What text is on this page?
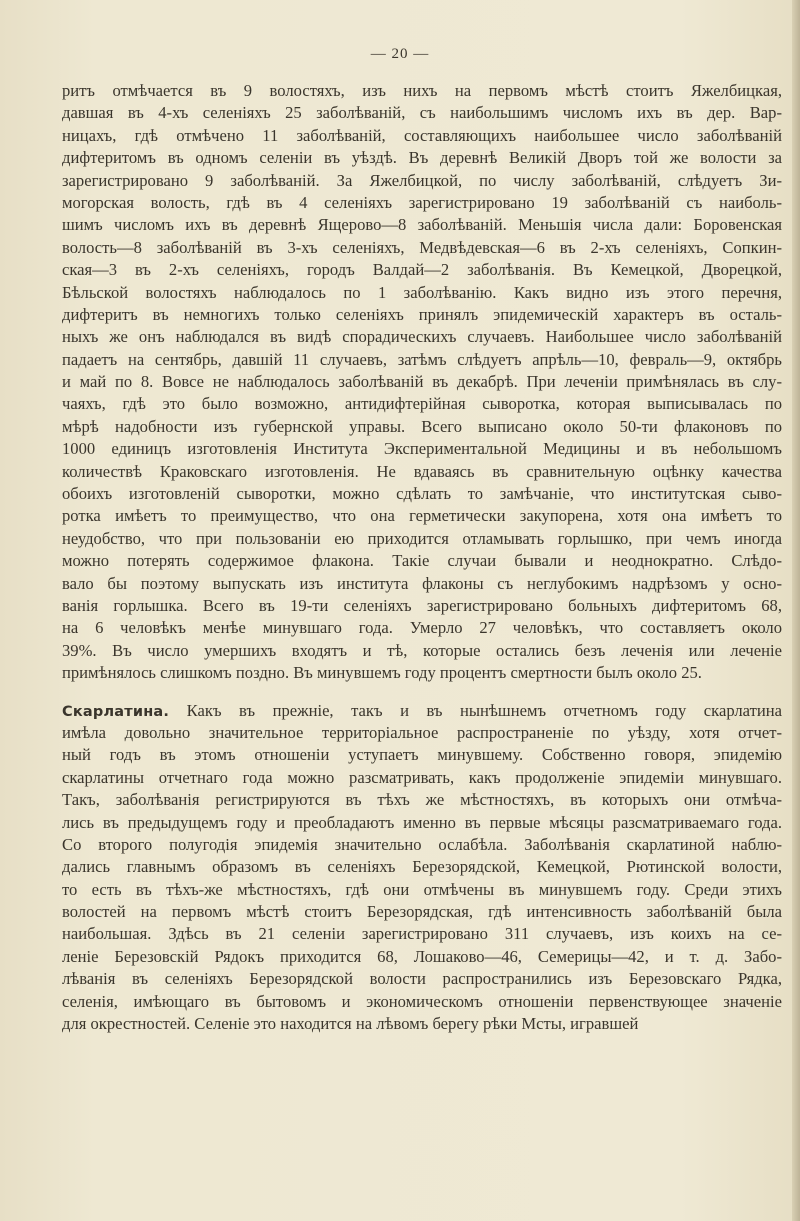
— 20 —
ритъ отмѣчается въ 9 волостяхъ, изъ нихъ на первомъ мѣстѣ стоитъ Яжелбицкая,
давшая въ 4-хъ селеніяхъ 25 заболѣваній, съ наибольшимъ числомъ ихъ въ дер. Вар-
ницахъ, гдѣ отмѣчено 11 заболѣваній, составляющихъ наибольшее число заболѣваній
дифтеритомъ въ одномъ селеніи въ уѣздѣ. Въ деревнѣ Великій Дворъ той же волости за
зарегистрировано 9 заболѣваній. За Яжелбицкой, по числу заболѣваній, слѣдуетъ Зи-
могорская волость, гдѣ въ 4 селеніяхъ зарегистрировано 19 заболѣваній съ наиболь-
шимъ числомъ ихъ въ деревнѣ Ящерово—8 заболѣваній. Меньшія числа дали: Боровенская
волость—8 заболѣваній въ 3-хъ селеніяхъ, Медвѣдевская—6 въ 2-хъ селеніяхъ, Сопкин-
ская—3 въ 2-хъ селеніяхъ, городъ Валдай—2 заболѣванія. Въ Кемецкой, Дворецкой,
Бѣльской волостяхъ наблюдалось по 1 заболѣванію. Какъ видно изъ этого перечня,
дифтеритъ въ немногихъ только селеніяхъ принялъ эпидемическій характеръ въ осталь-
ныхъ же онъ наблюдался въ видѣ спорадическихъ случаевъ. Наибольшее число заболѣваній
падаетъ на сентябрь, давшій 11 случаевъ, затѣмъ слѣдуетъ апрѣль—10, февраль—9, октябрь
и май по 8. Вовсе не наблюдалось заболѣваній въ декабрѣ. При леченіи примѣнялась въ слу-
чаяхъ, гдѣ это было возможно, антидифтерійная сыворотка, которая выписывалась по
мѣрѣ надобности изъ губернской управы. Всего выписано около 50-ти флаконовъ по
1000 единицъ изготовленія Института Экспериментальной Медицины и въ небольшомъ
количествѣ Краковскаго изготовленія. Не вдаваясь въ сравнительную оцѣнку качества
обоихъ изготовленій сыворотки, можно сдѣлать то замѣчаніе, что институтская сыво-
ротка имѣетъ то преимущество, что она герметически закупорена, хотя она имѣетъ то
неудобство, что при пользованіи ею приходится отламывать горлышко, при чемъ иногда
можно потерять содержимое флакона. Такіе случаи бывали и неоднократно. Слѣдо-
вало бы поэтому выпускать изъ института флаконы съ неглубокимъ надрѣзомъ у осно-
ванія горлышка. Всего въ 19-ти селеніяхъ зарегистрировано больныхъ дифтеритомъ 68,
на 6 человѣкъ менѣе минувшаго года. Умерло 27 человѣкъ, что составляетъ около
39%. Въ число умершихъ входятъ и тѣ, которые остались безъ леченія или леченіе
примѣнялось слишкомъ поздно. Въ минувшемъ году процентъ смертности былъ около 25.
Скарлатина. Какъ въ прежніе, такъ и въ нынѣшнемъ отчетномъ году скарлатина
имѣла довольно значительное территоріальное распространеніе по уѣзду, хотя отчет-
ный годъ въ этомъ отношеніи уступаетъ минувшему. Собственно говоря, эпидемію
скарлатины отчетнаго года можно разсматривать, какъ продолженіе эпидеміи минувшаго.
Такъ, заболѣванія регистрируются въ тѣхъ же мѣстностяхъ, въ которыхъ они отмѣча-
лись въ предыдущемъ году и преобладаютъ именно въ первые мѣсяцы разсматриваемаго года.
Со второго полугодія эпидемія значительно ослабѣла. Заболѣванія скарлатиной наблю-
дались главнымъ образомъ въ селеніяхъ Березорядской, Кемецкой, Рютинской волости,
то есть въ тѣхъ-же мѣстностяхъ, гдѣ они отмѣчены въ минувшемъ году. Среди этихъ
волостей на первомъ мѣстѣ стоитъ Березорядская, гдѣ интенсивность заболѣваній была
наибольшая. Здѣсь въ 21 селеніи зарегистрировано 311 случаевъ, изъ коихъ на се-
леніе Березовскій Рядокъ приходится 68, Лошаково—46, Семерицы—42, и т. д. Забо-
лѣванія въ селеніяхъ Березорядской волости распространились изъ Березовскаго Рядка,
селенія, имѣющаго въ бытовомъ и экономическомъ отношеніи первенствующее значеніе
для окрестностей. Селеніе это находится на лѣвомъ берегу рѣки Мсты, игравшей
